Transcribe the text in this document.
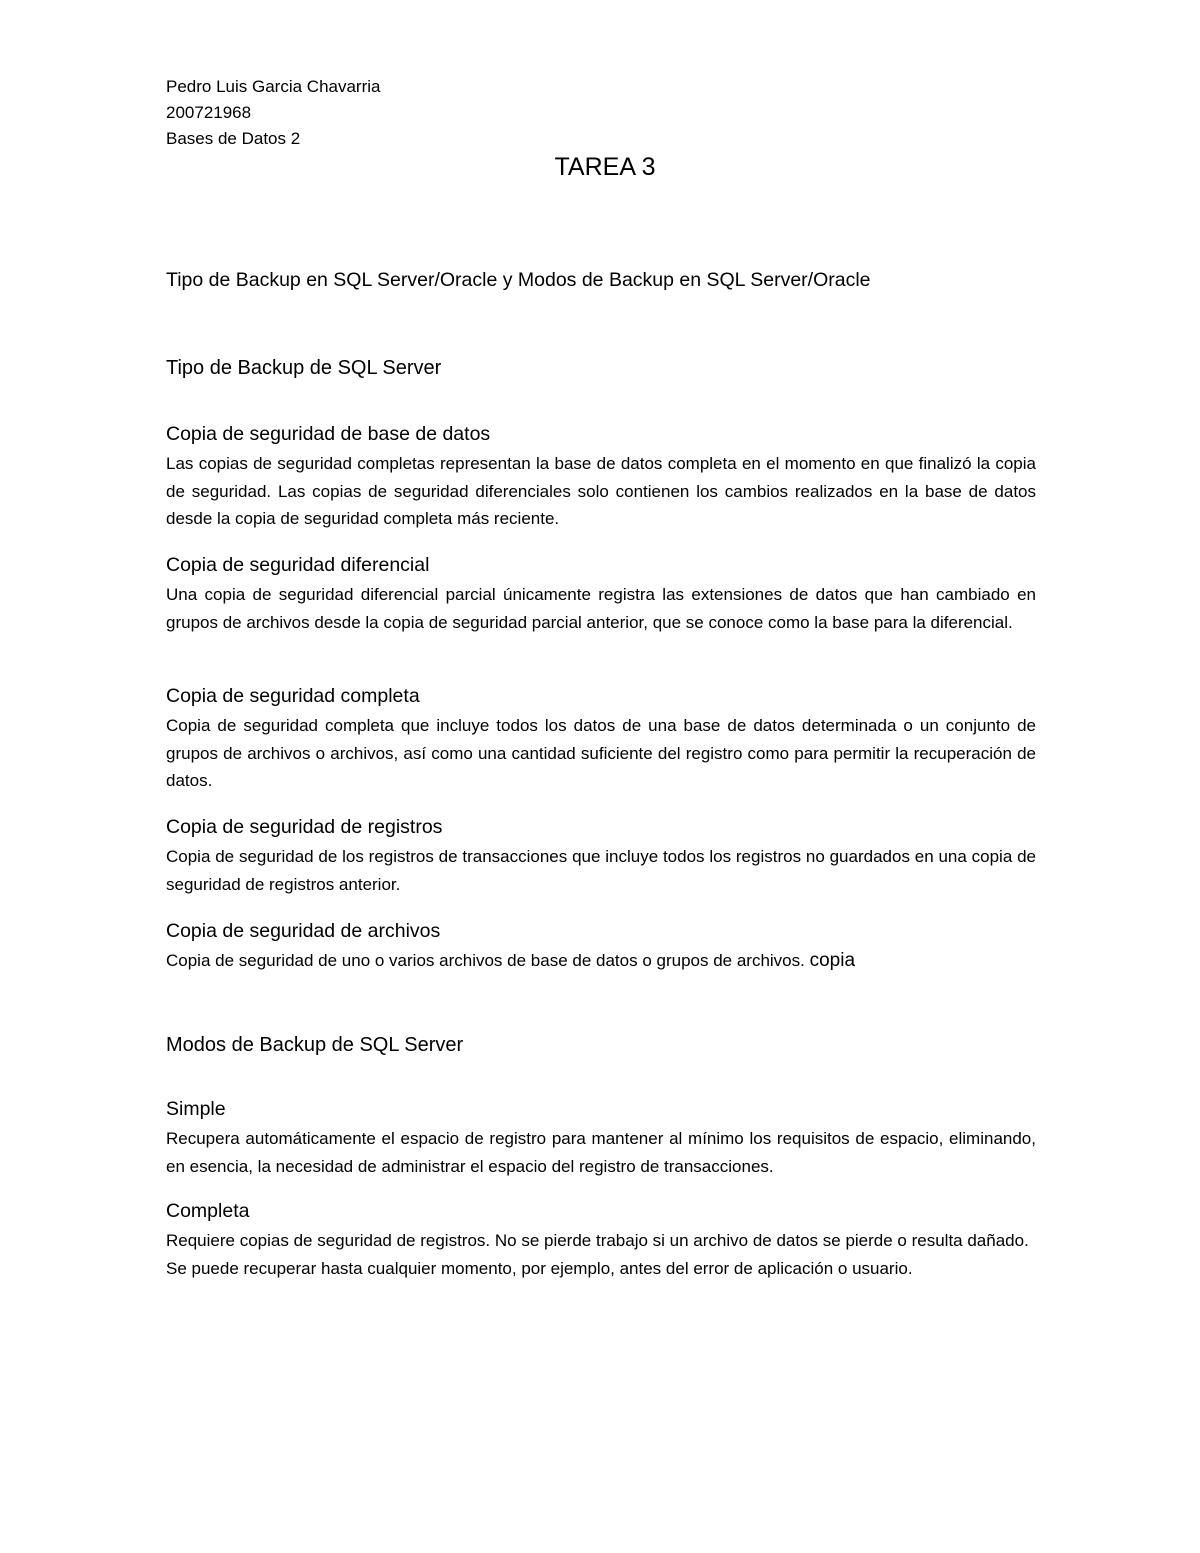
Pedro Luis Garcia Chavarria
200721968
Bases de Datos 2
TAREA 3
Tipo de Backup en SQL Server/Oracle y Modos de Backup en SQL Server/Oracle
Tipo de Backup de SQL Server
Copia de seguridad de base de datos

Las copias de seguridad completas representan la base de datos completa en el momento en que finalizó la copia de seguridad. Las copias de seguridad diferenciales solo contienen los cambios realizados en la base de datos desde la copia de seguridad completa más reciente.

Copia de seguridad diferencial

Una copia de seguridad diferencial parcial únicamente registra las extensiones de datos que han cambiado en grupos de archivos desde la copia de seguridad parcial anterior, que se conoce como la base para la diferencial.

Copia de seguridad completa

Copia de seguridad completa que incluye todos los datos de una base de datos determinada o un conjunto de grupos de archivos o archivos, así como una cantidad suficiente del registro como para permitir la recuperación de datos.

Copia de seguridad de registros

Copia de seguridad de los registros de transacciones que incluye todos los registros no guardados en una copia de seguridad de registros anterior.

Copia de seguridad de archivos

Copia de seguridad de uno o varios archivos de base de datos o grupos de archivos. copia

Modos de Backup de SQL Server
Simple

Recupera automáticamente el espacio de registro para mantener al mínimo los requisitos de espacio, eliminando, en esencia, la necesidad de administrar el espacio del registro de transacciones.

Completa

Requiere copias de seguridad de registros. No se pierde trabajo si un archivo de datos se pierde o resulta dañado.

Se puede recuperar hasta cualquier momento, por ejemplo, antes del error de aplicación o usuario.
